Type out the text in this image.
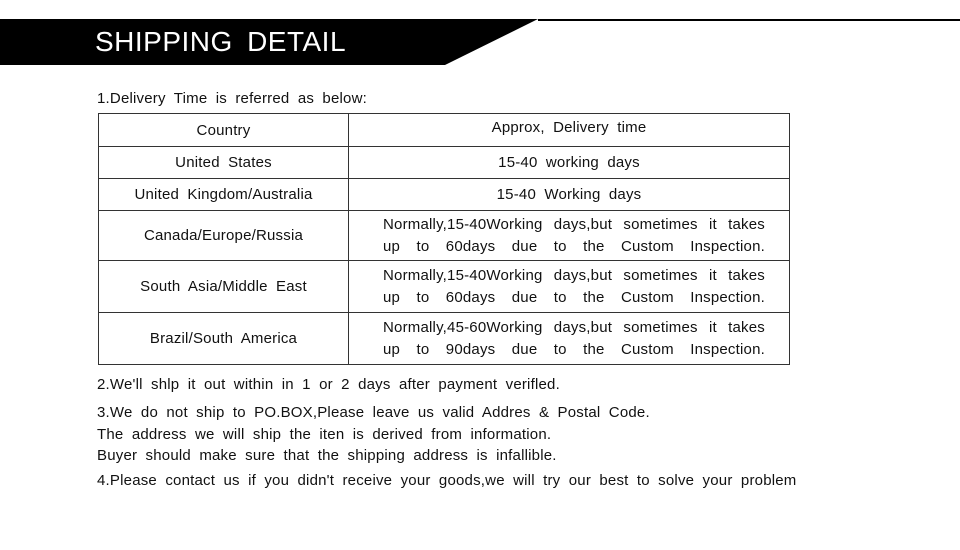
SHIPPING DETAIL
1.Delivery Time is referred as below:
Country	Approx, Delivery time
United States	15-40 working days
United Kingdom/Australia	15-40 Working days
Canada/Europe/Russia	Normally,15-40Working days,but sometimes it takes
up to 60days due to the Custom Inspection.

South Asia/Middle East	Normally,15-40Working days,but sometimes it takes
up to 60days due to the Custom Inspection.

Brazil/South America	Normally,45-60Working days,but sometimes it takes
up to 90days due to the Custom Inspection.
2.We'll shlp it out within in 1 or 2 days after payment verifled.
3.We do not ship to PO.BOX,Please leave us valid Addres & Postal Code.
The address we will ship the iten is derived from information.
Buyer should make sure that the shipping address is infallible.
4.Please contact us if you didn't receive your goods,we will try our best to solve your problem
